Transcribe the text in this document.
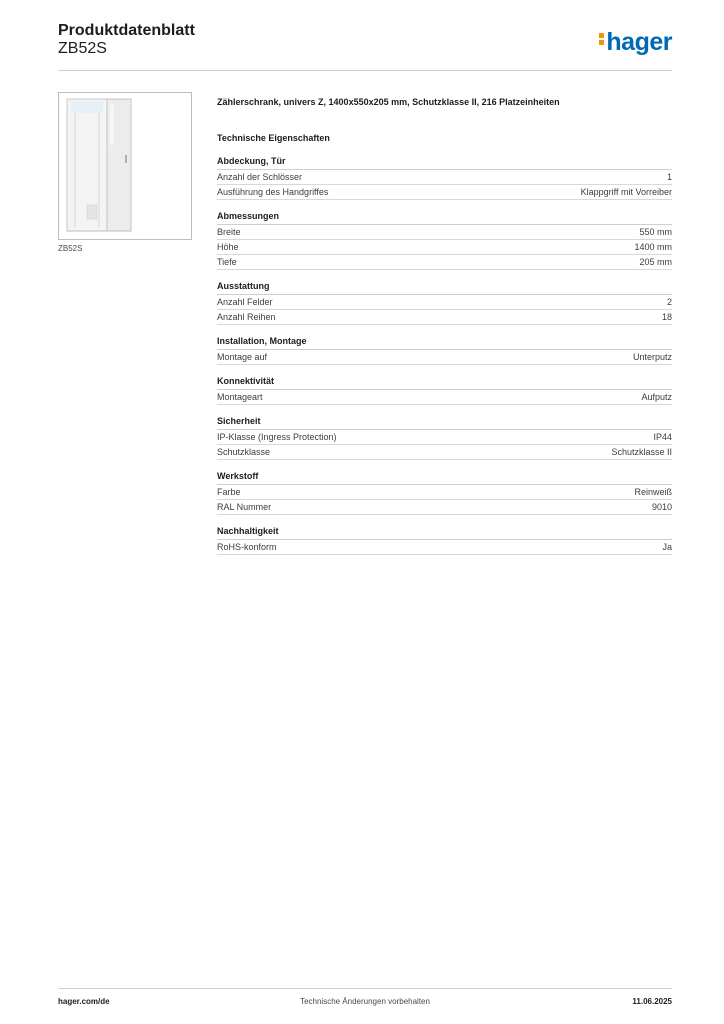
Produktdatenblatt
ZB52S	hager
ZB52S
Zählerschrank, univers Z, 1400x550x205 mm, Schutzklasse II, 216 Platzeinheiten
Technische Eigenschaften
Abdeckung, Tür
Anzahl der Schlösser	1
Ausführung des Handgriffes	Klappgriff mit Vorreiber
Abmessungen
Breite	550 mm
Höhe	1400 mm
Tiefe	205 mm
Ausstattung
Anzahl Felder	2
Anzahl Reihen	18
Installation, Montage
Montage auf	Unterputz
Konnektivität
Montageart	Aufputz
Sicherheit
IP-Klasse (Ingress Protection)	IP44
Schutzklasse	Schutzklasse II
Werkstoff
Farbe	Reinweiß
RAL Nummer	9010
Nachhaltigkeit
RoHS-konform	Ja
hager.com/de	Technische Änderungen vorbehalten	11.06.2025
